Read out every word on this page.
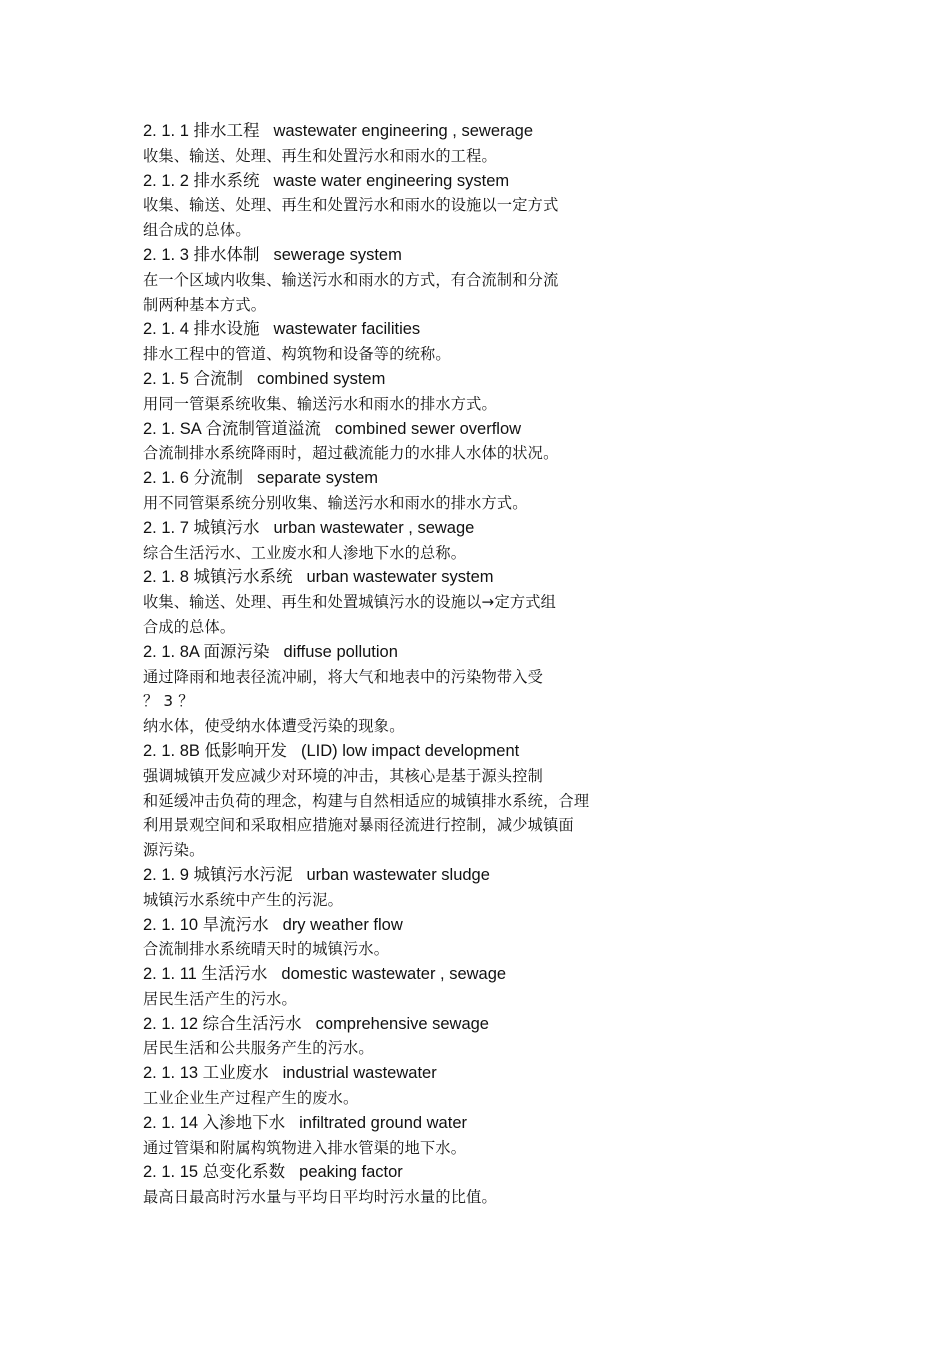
2. 1. 1 排水工程 wastewater engineering , sewerage
收集、输送、处理、再生和处置污水和雨水的工程。
2. 1. 2 排水系统 waste water engineering system
收集、输送、处理、再生和处置污水和雨水的设施以一定方式
组合成的总体。
2. 1. 3 排水体制 sewerage system
在一个区域内收集、输送污水和雨水的方式，有合流制和分流
制两种基本方式。
2. 1. 4 排水设施 wastewater facilities
排水工程中的管道、构筑物和设备等的统称。
2. 1. 5 合流制 combined system
用同一管渠系统收集、输送污水和雨水的排水方式。
2. 1. SA 合流制管道溢流 combined sewer overflow
合流制排水系统降雨时，超过截流能力的水排人水体的状况。
2. 1. 6 分流制 separate system
用不同管渠系统分别收集、输送污水和雨水的排水方式。
2. 1. 7 城镇污水 urban wastewater , sewage
综合生活污水、工业废水和人渗地下水的总称。
2. 1. 8 城镇污水系统 urban wastewater system
收集、输送、处理、再生和处置城镇污水的设施以→定方式组
合成的总体。
2. 1. 8A 面源污染 diffuse pollution
通过降雨和地表径流冲刷，将大气和地表中的污染物带入受
？ 3 ？
纳水体，使受纳水体遭受污染的现象。
2. 1. 8B 低影响开发 (LID) low impact development
强调城镇开发应减少对环境的冲击，其核心是基于源头控制
和延缓冲击负荷的理念，构建与自然相适应的城镇排水系统，合理
利用景观空间和采取相应措施对暴雨径流进行控制，减少城镇面
源污染。
2. 1. 9 城镇污水污泥 urban wastewater sludge
城镇污水系统中产生的污泥。
2. 1. 10 旱流污水 dry weather flow
合流制排水系统晴天时的城镇污水。
2. 1. 11 生活污水 domestic wastewater , sewage
居民生活产生的污水。
2. 1. 12 综合生活污水 comprehensive sewage
居民生活和公共服务产生的污水。
2. 1. 13 工业废水 industrial wastewater
工业企业生产过程产生的废水。
2. 1. 14 入渗地下水 infiltrated ground water
通过管渠和附属构筑物进入排水管渠的地下水。
2. 1. 15 总变化系数 peaking factor
最高日最高时污水量与平均日平均时污水量的比值。
